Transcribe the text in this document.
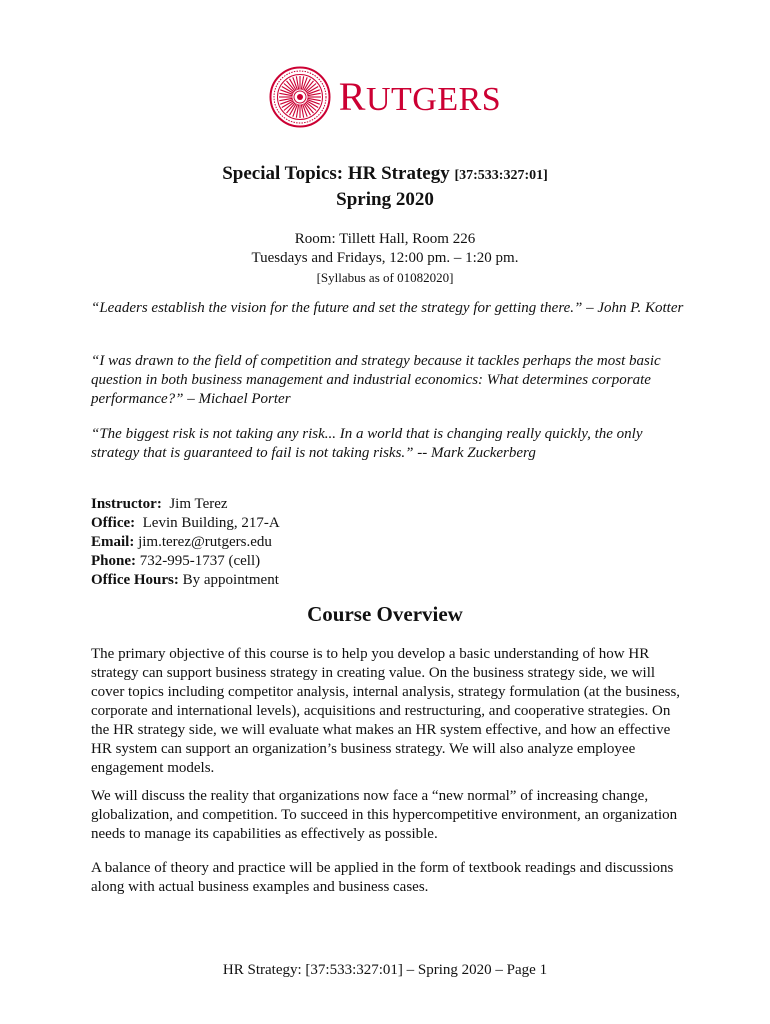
RUTGERS
Special Topics: HR Strategy [37:533:327:01]
Spring 2020
Room: Tillett Hall, Room 226
Tuesdays and Fridays, 12:00 pm. – 1:20 pm.
[Syllabus as of 01082020]
“Leaders establish the vision for the future and set the strategy for getting there.” – John P. Kotter
“I was drawn to the field of competition and strategy because it tackles perhaps the most basic question in both business management and industrial economics: What determines corporate performance?” – Michael Porter
“The biggest risk is not taking any risk... In a world that is changing really quickly, the only strategy that is guaranteed to fail is not taking risks.” -- Mark Zuckerberg
Instructor: Jim Terez
Office: Levin Building, 217-A
Email: jim.terez@rutgers.edu
Phone: 732-995-1737 (cell)
Office Hours: By appointment
Course Overview
The primary objective of this course is to help you develop a basic understanding of how HR strategy can support business strategy in creating value. On the business strategy side, we will cover topics including competitor analysis, internal analysis, strategy formulation (at the business, corporate and international levels), acquisitions and restructuring, and cooperative strategies. On the HR strategy side, we will evaluate what makes an HR system effective, and how an effective HR system can support an organization’s business strategy. We will also analyze employee engagement models.
We will discuss the reality that organizations now face a “new normal” of increasing change, globalization, and competition. To succeed in this hypercompetitive environment, an organization needs to manage its capabilities as effectively as possible.
A balance of theory and practice will be applied in the form of textbook readings and discussions along with actual business examples and business cases.
HR Strategy: [37:533:327:01] – Spring 2020 – Page 1
